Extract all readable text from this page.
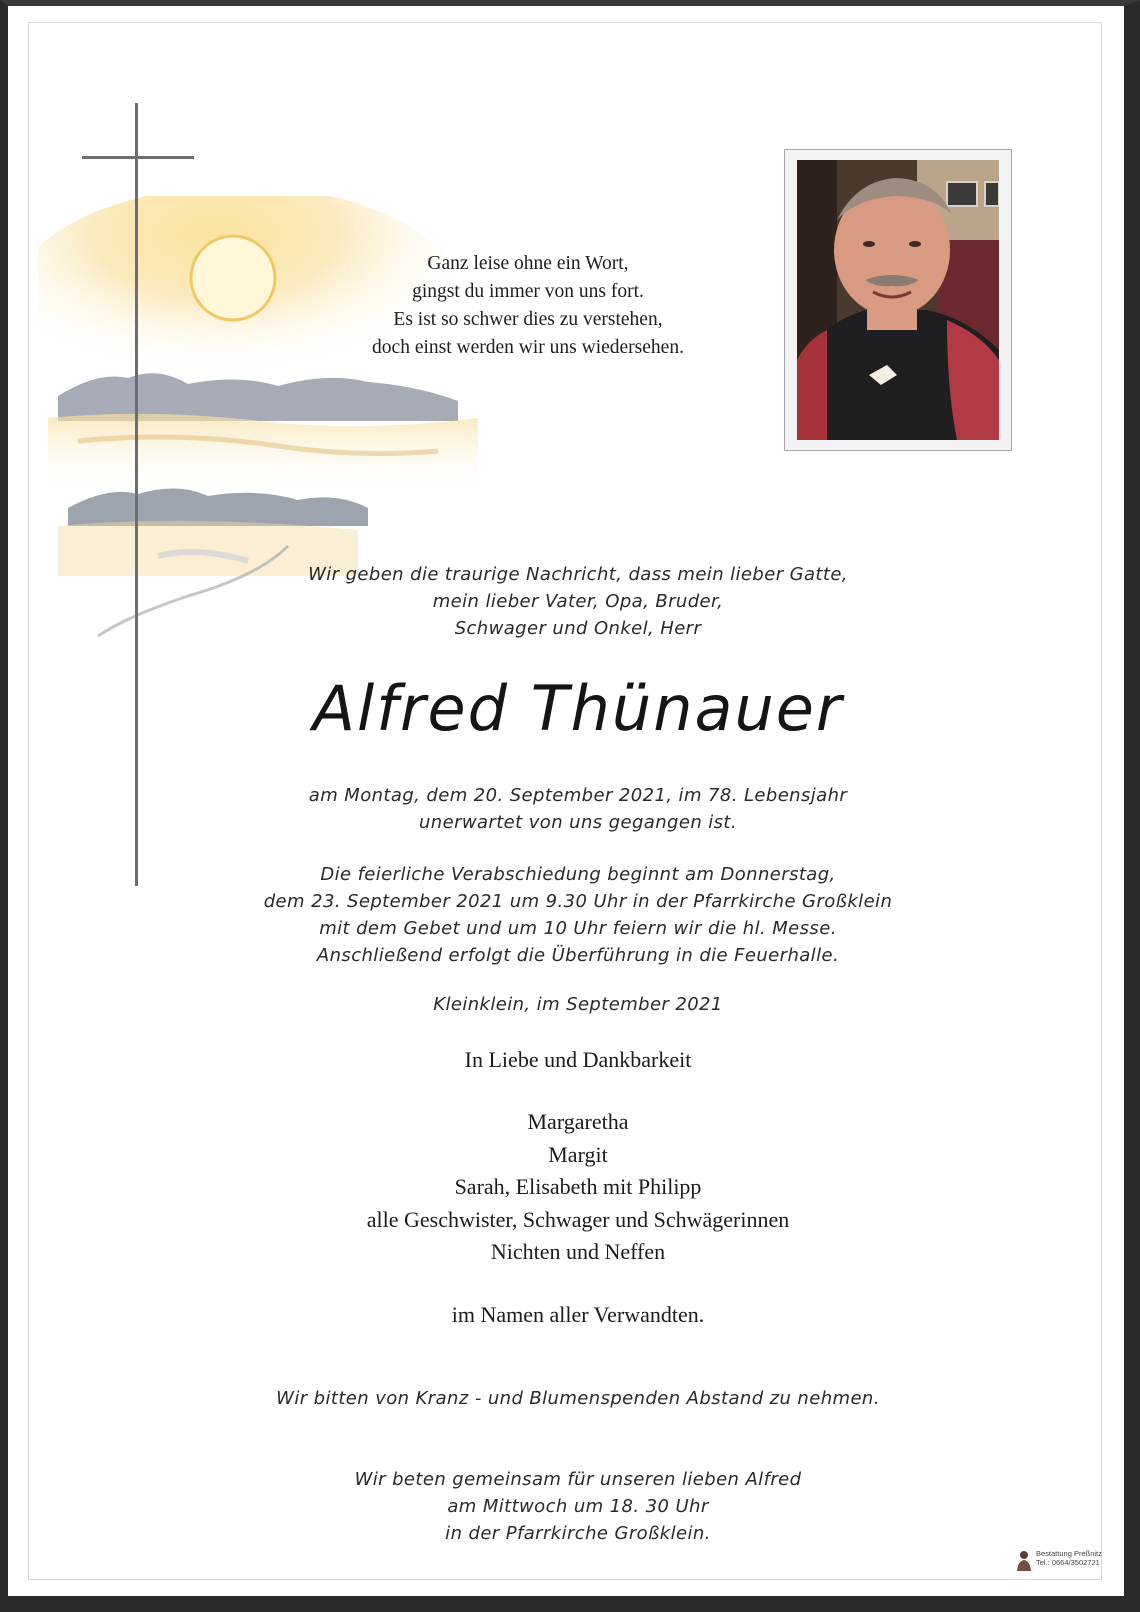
Ganz leise ohne ein Wort,
gingst du immer von uns fort.
Es ist so schwer dies zu verstehen,
doch einst werden wir uns wiedersehen.
Wir geben die traurige Nachricht, dass mein lieber Gatte,
mein lieber Vater, Opa, Bruder,
Schwager und Onkel, Herr
Alfred Thünauer
am Montag, dem 20. September 2021, im 78. Lebensjahr
unerwartet von uns gegangen ist.
Die feierliche Verabschiedung beginnt am Donnerstag,
dem 23. September 2021 um 9.30 Uhr in der Pfarrkirche Großklein
mit dem Gebet und um 10 Uhr feiern wir die hl. Messe.
Anschließend erfolgt die Überführung in die Feuerhalle.
Kleinklein, im September 2021
In Liebe und Dankbarkeit
Margaretha
Margit
Sarah, Elisabeth mit Philipp
alle Geschwister, Schwager und Schwägerinnen
Nichten und Neffen
im Namen aller Verwandten.
Wir bitten von Kranz - und Blumenspenden Abstand zu nehmen.
Wir beten gemeinsam für unseren lieben Alfred
am Mittwoch um 18. 30 Uhr
in der Pfarrkirche Großklein.
Bestattung Preßnitz
Tel.: 0664/3502721
